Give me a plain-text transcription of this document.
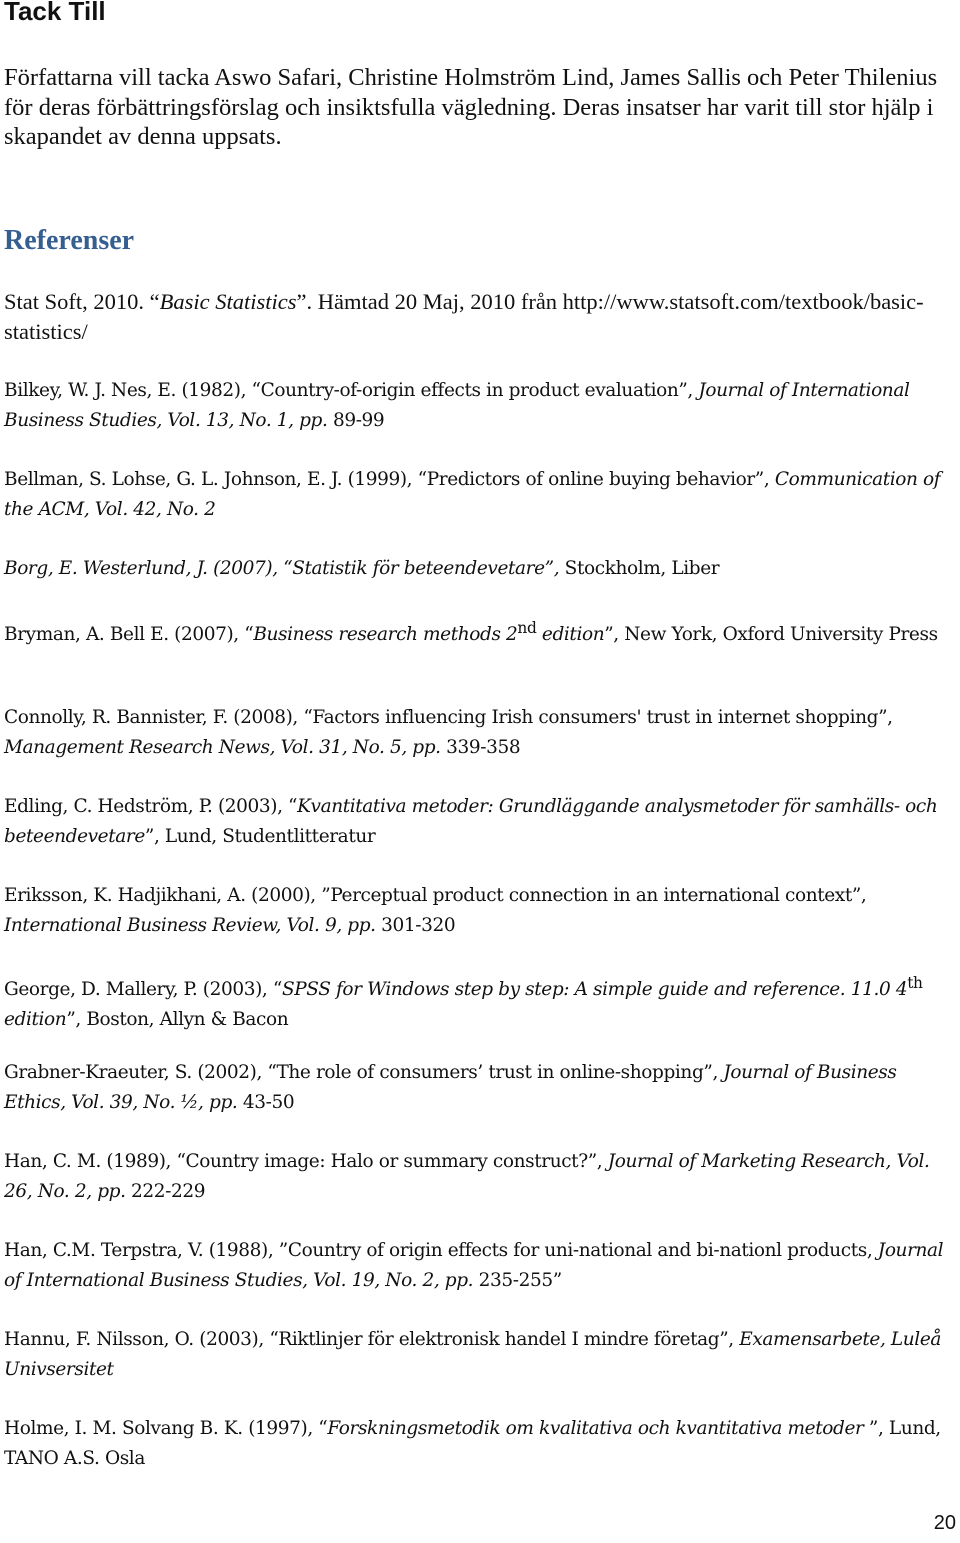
Tack Till

Författarna vill tacka Aswo Safari, Christine Holmström Lind, James Sallis och Peter Thilenius för deras förbättringsförslag och insiktsfulla vägledning. Deras insatser har varit till stor hjälp i skapandet av denna uppsats.

Referenser

Stat Soft, 2010. “Basic Statistics”. Hämtad 20 Maj, 2010 från http://www.statsoft.com/textbook/basic-statistics/

Bilkey, W. J. Nes, E. (1982), “Country-of-origin effects in product evaluation”, Journal of International Business Studies, Vol. 13, No. 1, pp. 89-99

Bellman, S. Lohse, G. L. Johnson, E. J. (1999), “Predictors of online buying behavior”, Communication of the ACM, Vol. 42, No. 2

Borg, E. Westerlund, J. (2007), “Statistik för beteendevetare”, Stockholm, Liber

Bryman, A. Bell E. (2007), “Business research methods 2nd edition”, New York, Oxford University Press

Connolly, R. Bannister, F. (2008), “Factors influencing Irish consumers' trust in internet shopping”, Management Research News, Vol. 31, No. 5, pp. 339-358

Edling, C. Hedström, P. (2003), “Kvantitativa metoder: Grundläggande analysmetoder för samhälls- och beteendevetare”, Lund, Studentlitteratur

Eriksson, K. Hadjikhani, A. (2000), ”Perceptual product connection in an international context”, International Business Review, Vol. 9, pp. 301-320

George, D. Mallery, P. (2003), “SPSS for Windows step by step: A simple guide and reference. 11.0 4th edition”, Boston, Allyn & Bacon

Grabner-Kraeuter, S. (2002), “The role of consumers’ trust in online-shopping”, Journal of Business Ethics, Vol. 39, No. ½, pp. 43-50

Han, C. M. (1989), “Country image: Halo or summary construct?”, Journal of Marketing Research, Vol. 26, No. 2, pp. 222-229

Han, C.M. Terpstra, V. (1988), ”Country of origin effects for uni-national and bi-nationl products, Journal of International Business Studies, Vol. 19, No. 2, pp. 235-255”

Hannu, F. Nilsson, O. (2003), “Riktlinjer för elektronisk handel I mindre företag”, Examensarbete, Luleå Univsersitet

Holme, I. M. Solvang B. K. (1997), “Forskningsmetodik om kvalitativa och kvantitativa metoder ”, Lund, TANO A.S. Osla

20
